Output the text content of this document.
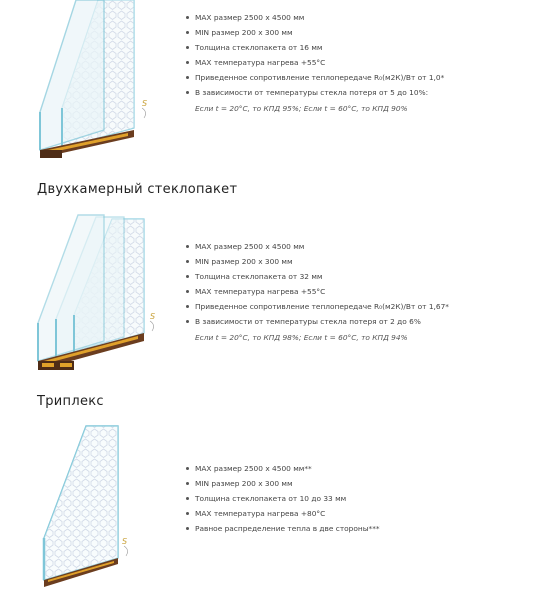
S
MAX размер 2500 х 4500 мм
MIN размер 200 х 300 мм
Толщина стеклопакета от 16 мм
MAX температура нагрева +55°С
Приведенное сопротивление теплопередаче R₀(м2К)/Вт от 1,0*
В зависимости от температуры стекла потеря от 5 до 10%:
Если t = 20°С, то КПД 95%; Если t = 60°С, то КПД 90%
Двухкамерный стеклопакет
S
MAX размер 2500 х 4500 мм
MIN размер 200 х 300 мм
Толщина стеклопакета от 32 мм
MAX температура нагрева +55°С
Приведенное сопротивление теплопередаче R₀(м2К)/Вт от 1,67*
В зависимости от температуры стекла потеря от 2 до 6%
Если t = 20°С, то КПД 98%; Если t = 60°С, то КПД 94%
Триплекс
S
MAX размер 2500 х 4500 мм**
MIN размер 200 х 300 мм
Толщина стеклопакета от 10 до 33 мм
MAX температура нагрева +80°С
Равное распределение тепла в две стороны***
